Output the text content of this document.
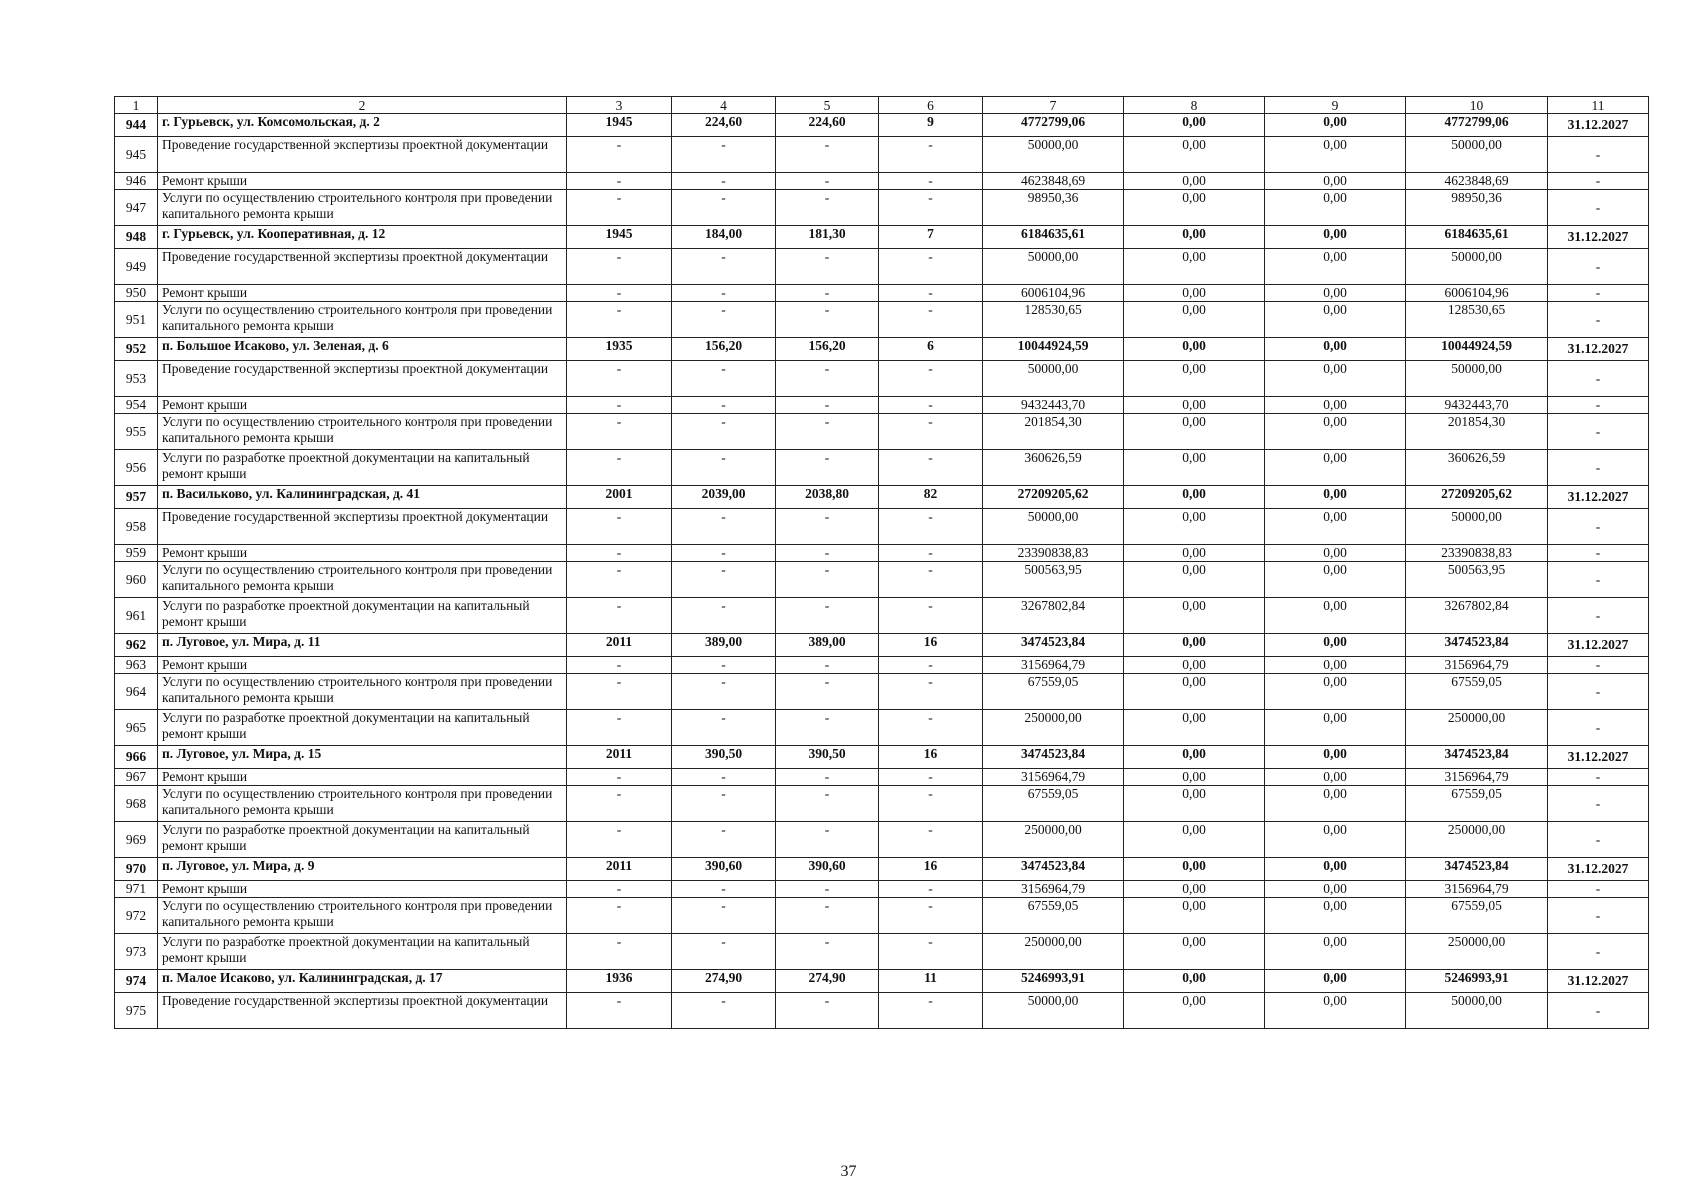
1	2	3	4	5	6	7	8	9	10	11
944	г. Гурьевск, ул. Комсомольская, д. 2	1945	224,60	224,60	9	4772799,06	0,00	0,00	4772799,06	31.12.2027
945	Проведение государственной экспертизы проектной документации	-	-	-	-	50000,00	0,00	0,00	50000,00	-
946	Ремонт крыши	-	-	-	-	4623848,69	0,00	0,00	4623848,69	-
947	Услуги по осуществлению строительного контроля при проведении капитального ремонта крыши	-	-	-	-	98950,36	0,00	0,00	98950,36	-
948	г. Гурьевск, ул. Кооперативная, д. 12	1945	184,00	181,30	7	6184635,61	0,00	0,00	6184635,61	31.12.2027
949	Проведение государственной экспертизы проектной документации	-	-	-	-	50000,00	0,00	0,00	50000,00	-
950	Ремонт крыши	-	-	-	-	6006104,96	0,00	0,00	6006104,96	-
951	Услуги по осуществлению строительного контроля при проведении капитального ремонта крыши	-	-	-	-	128530,65	0,00	0,00	128530,65	-
952	п. Большое Исаково, ул. Зеленая, д. 6	1935	156,20	156,20	6	10044924,59	0,00	0,00	10044924,59	31.12.2027
953	Проведение государственной экспертизы проектной документации	-	-	-	-	50000,00	0,00	0,00	50000,00	-
954	Ремонт крыши	-	-	-	-	9432443,70	0,00	0,00	9432443,70	-
955	Услуги по осуществлению строительного контроля при проведении капитального ремонта крыши	-	-	-	-	201854,30	0,00	0,00	201854,30	-
956	Услуги по разработке проектной документации на капитальный ремонт крыши	-	-	-	-	360626,59	0,00	0,00	360626,59	-
957	п. Васильково, ул. Калининградская, д. 41	2001	2039,00	2038,80	82	27209205,62	0,00	0,00	27209205,62	31.12.2027
958	Проведение государственной экспертизы проектной документации	-	-	-	-	50000,00	0,00	0,00	50000,00	-
959	Ремонт крыши	-	-	-	-	23390838,83	0,00	0,00	23390838,83	-
960	Услуги по осуществлению строительного контроля при проведении капитального ремонта крыши	-	-	-	-	500563,95	0,00	0,00	500563,95	-
961	Услуги по разработке проектной документации на капитальный ремонт крыши	-	-	-	-	3267802,84	0,00	0,00	3267802,84	-
962	п. Луговое, ул. Мира, д. 11	2011	389,00	389,00	16	3474523,84	0,00	0,00	3474523,84	31.12.2027
963	Ремонт крыши	-	-	-	-	3156964,79	0,00	0,00	3156964,79	-
964	Услуги по осуществлению строительного контроля при проведении капитального ремонта крыши	-	-	-	-	67559,05	0,00	0,00	67559,05	-
965	Услуги по разработке проектной документации на капитальный ремонт крыши	-	-	-	-	250000,00	0,00	0,00	250000,00	-
966	п. Луговое, ул. Мира, д. 15	2011	390,50	390,50	16	3474523,84	0,00	0,00	3474523,84	31.12.2027
967	Ремонт крыши	-	-	-	-	3156964,79	0,00	0,00	3156964,79	-
968	Услуги по осуществлению строительного контроля при проведении капитального ремонта крыши	-	-	-	-	67559,05	0,00	0,00	67559,05	-
969	Услуги по разработке проектной документации на капитальный ремонт крыши	-	-	-	-	250000,00	0,00	0,00	250000,00	-
970	п. Луговое, ул. Мира, д. 9	2011	390,60	390,60	16	3474523,84	0,00	0,00	3474523,84	31.12.2027
971	Ремонт крыши	-	-	-	-	3156964,79	0,00	0,00	3156964,79	-
972	Услуги по осуществлению строительного контроля при проведении капитального ремонта крыши	-	-	-	-	67559,05	0,00	0,00	67559,05	-
973	Услуги по разработке проектной документации на капитальный ремонт крыши	-	-	-	-	250000,00	0,00	0,00	250000,00	-
974	п. Малое Исаково, ул. Калининградская, д. 17	1936	274,90	274,90	11	5246993,91	0,00	0,00	5246993,91	31.12.2027
975	Проведение государственной экспертизы проектной документации	-	-	-	-	50000,00	0,00	0,00	50000,00	-
37
